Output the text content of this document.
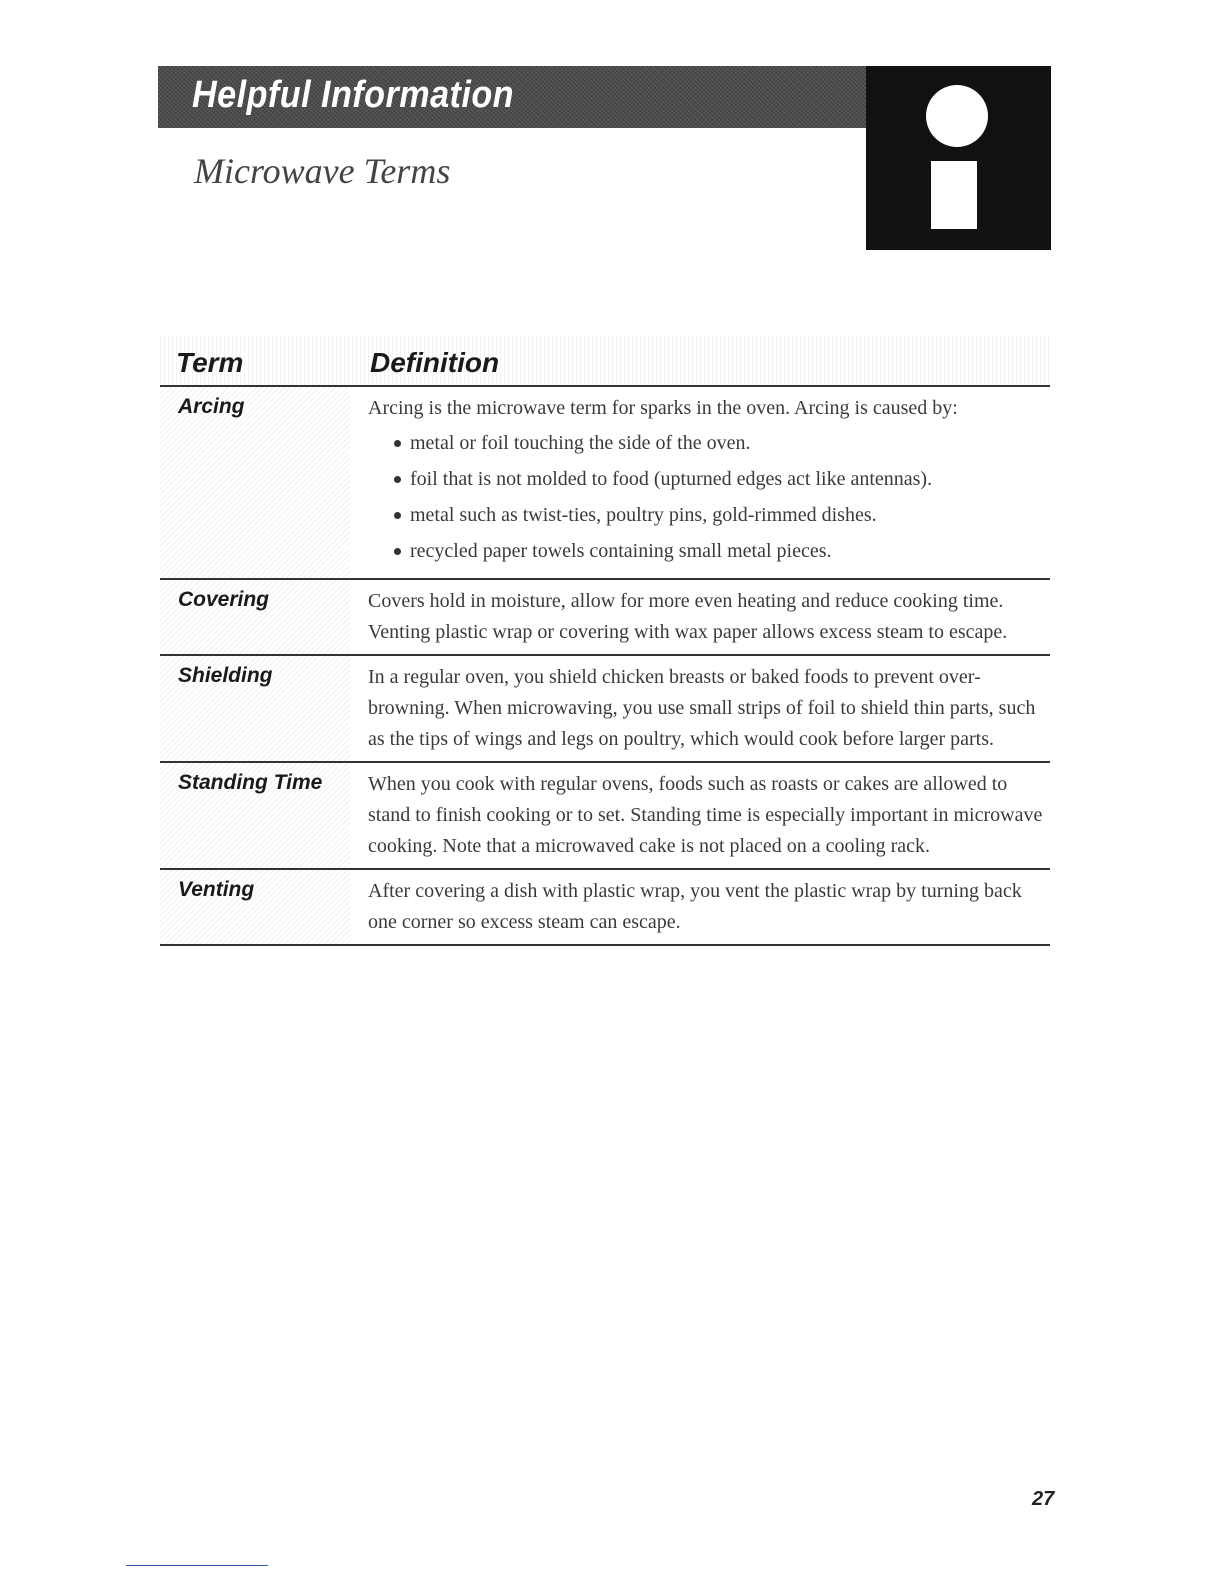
Helpful Information
Microwave Terms
Term	Definition
Arcing	Arcing is the microwave term for sparks in the oven. Arcing is caused by:

metal or foil touching the side of the oven.
foil that is not molded to food (upturned edges act like antennas).
metal such as twist-ties, poultry pins, gold-rimmed dishes.
recycled paper towels containing small metal pieces.
Covering	Covers hold in moisture, allow for more even heating and reduce cooking time. Venting plastic wrap or covering with wax paper allows excess steam to escape.

Shielding	In a regular oven, you shield chicken breasts or baked foods to prevent over-browning. When microwaving, you use small strips of foil to shield thin parts, such as the tips of wings and legs on poultry, which would cook before larger parts.

Standing Time	When you cook with regular ovens, foods such as roasts or cakes are allowed to stand to finish cooking or to set. Standing time is especially important in microwave cooking. Note that a microwaved cake is not placed on a cooling rack.

Venting	After covering a dish with plastic wrap, you vent the plastic wrap by turning back one corner so excess steam can escape.

27
